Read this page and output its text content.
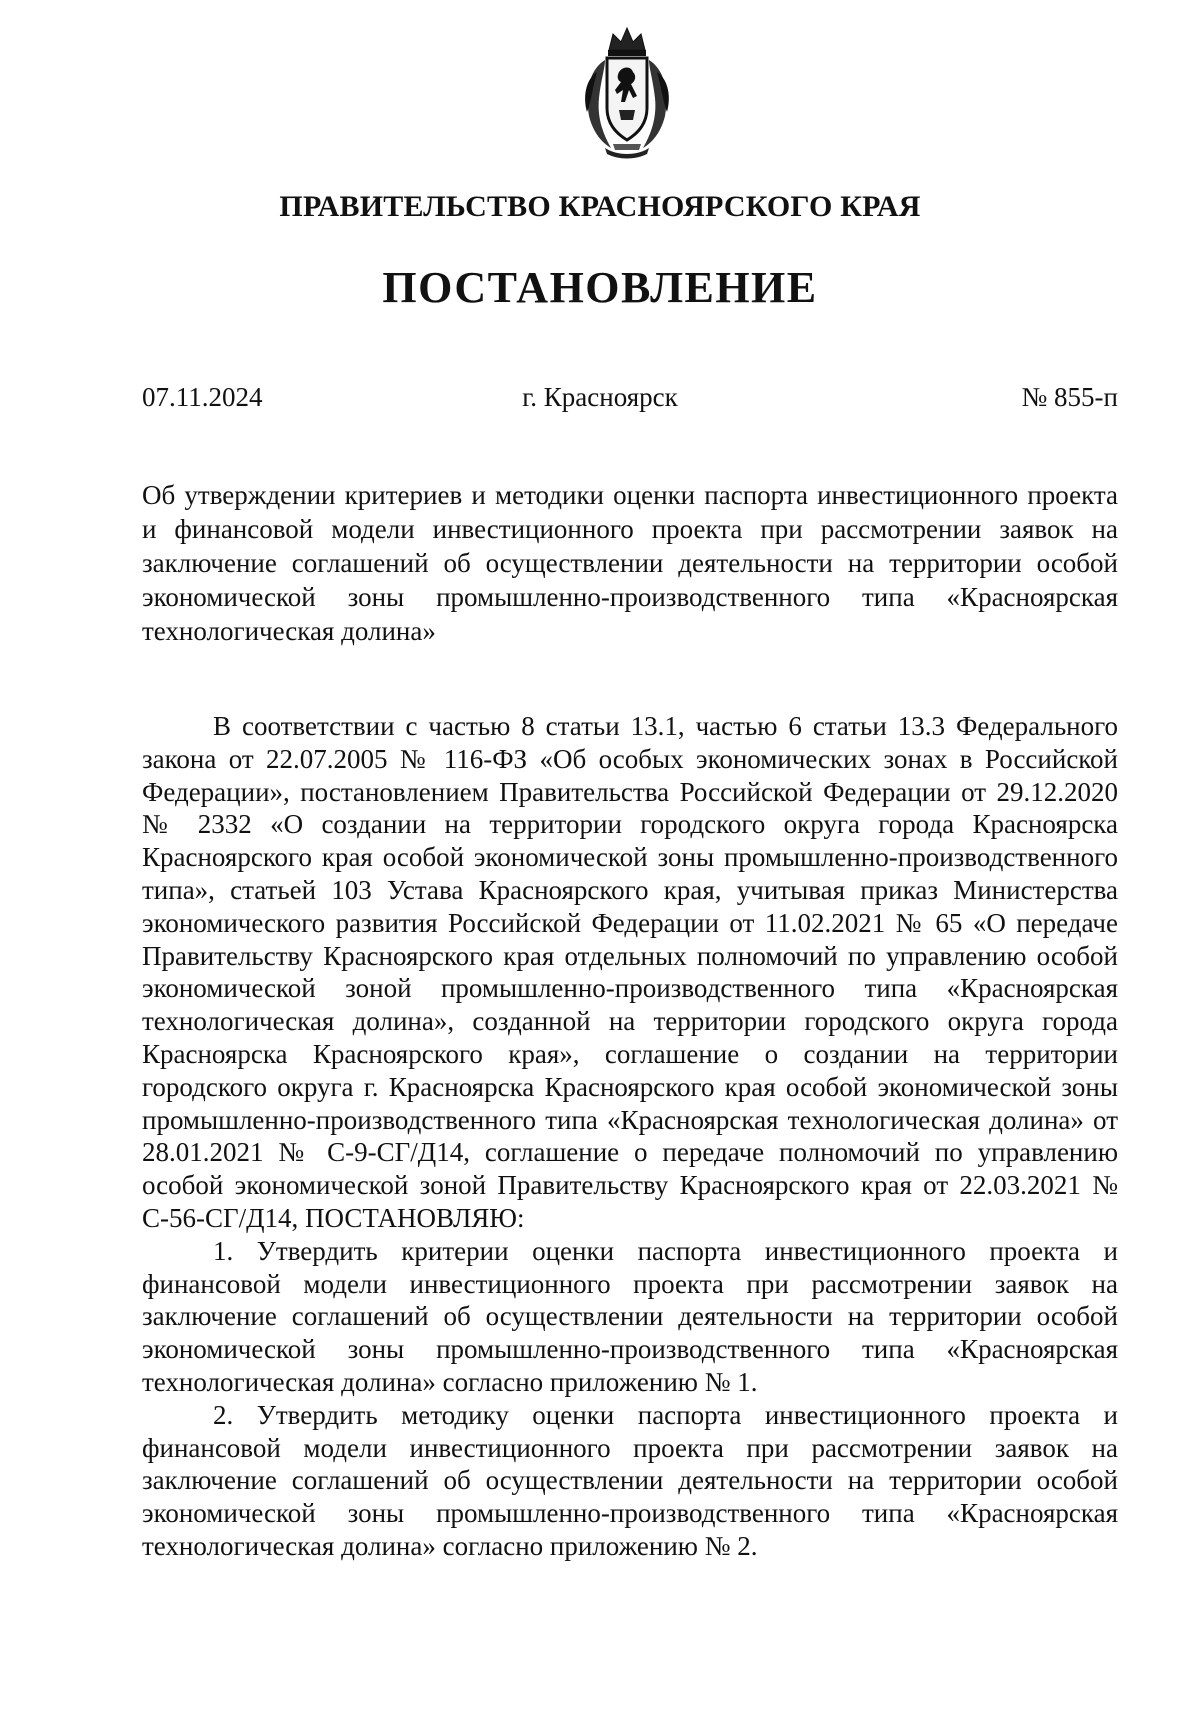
ПРАВИТЕЛЬСТВО КРАСНОЯРСКОГО КРАЯ
ПОСТАНОВЛЕНИЕ
г. Красноярск
07.11.2024	№ 855-п
Об утверждении критериев и методики оценки паспорта инвестиционного проекта и финансовой модели инвестиционного проекта при рассмотрении заявок на заключение соглашений об осуществлении деятельности на территории особой экономической зоны промышленно-производственного типа «Красноярская технологическая долина»

В соответствии с частью 8 статьи 13.1, частью 6 статьи 13.3 Федерального закона от 22.07.2005 № 116-ФЗ «Об особых экономических зонах в Российской Федерации», постановлением Правительства Российской Федерации от 29.12.2020 № 2332 «О создании на территории городского округа города Красноярска Красноярского края особой экономической зоны промышленно-производственного типа», статьей 103 Устава Красноярского края, учитывая приказ Министерства экономического развития Российской Федерации от 11.02.2021 № 65 «О передаче Правительству Красноярского края отдельных полномочий по управлению особой экономической зоной промышленно-производственного типа «Красноярская технологическая долина», созданной на территории городского округа города Красноярска Красноярского края», соглашение о создании на территории городского округа г. Красноярска Красноярского края особой экономической зоны промышленно-производственного типа «Красноярская технологическая долина» от 28.01.2021 № С-9-СГ/Д14, соглашение о передаче полномочий по управлению особой экономической зоной Правительству Красноярского края от 22.03.2021 № С-56-СГ/Д14, ПОСТАНОВЛЯЮ:

1. Утвердить критерии оценки паспорта инвестиционного проекта и финансовой модели инвестиционного проекта при рассмотрении заявок на заключение соглашений об осуществлении деятельности на территории особой экономической зоны промышленно-производственного типа «Красноярская технологическая долина» согласно приложению № 1.

2. Утвердить методику оценки паспорта инвестиционного проекта и финансовой модели инвестиционного проекта при рассмотрении заявок на заключение соглашений об осуществлении деятельности на территории особой экономической зоны промышленно-производственного типа «Красноярская технологическая долина» согласно приложению № 2.
